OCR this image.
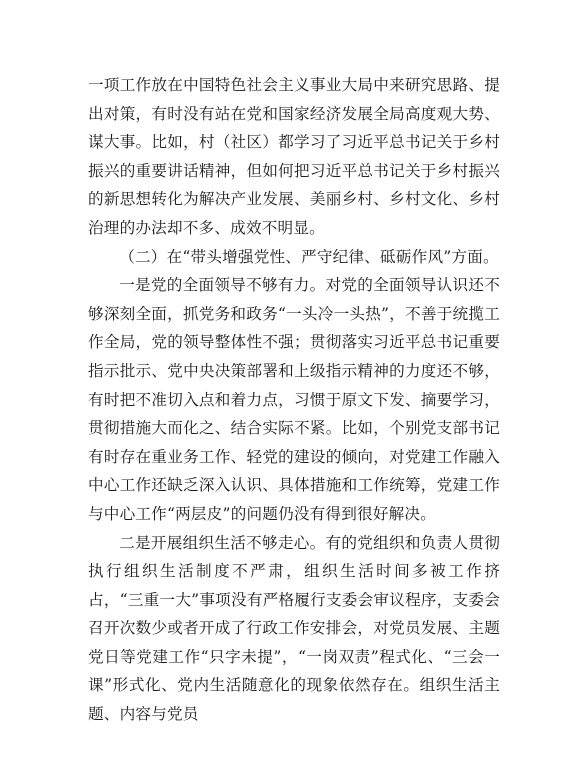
一项工作放在中国特色社会主义事业大局中来研究思路、提出对策，有时没有站在党和国家经济发展全局高度观大势、谋大事。比如，村（社区）都学习了习近平总书记关于乡村振兴的重要讲话精神，但如何把习近平总书记关于乡村振兴的新思想转化为解决产业发展、美丽乡村、乡村文化、乡村治理的办法却不多、成效不明显。

（二）在“带头增强党性、严守纪律、砥砺作风”方面。

一是党的全面领导不够有力。对党的全面领导认识还不够深刻全面，抓党务和政务“一头冷一头热”，不善于统揽工作全局，党的领导整体性不强；贯彻落实习近平总书记重要指示批示、党中央决策部署和上级指示精神的力度还不够，有时把不准切入点和着力点，习惯于原文下发、摘要学习，贯彻措施大而化之、结合实际不紧。比如，个别党支部书记有时存在重业务工作、轻党的建设的倾向，对党建工作融入中心工作还缺乏深入认识、具体措施和工作统筹，党建工作与中心工作“两层皮”的问题仍没有得到很好解决。

二是开展组织生活不够走心。有的党组织和负责人贯彻执行组织生活制度不严肃，组织生活时间多被工作挤占，“三重一大”事项没有严格履行支委会审议程序，支委会召开次数少或者开成了行政工作安排会，对党员发展、主题党日等党建工作“只字未提”，“一岗双责”程式化、“三会一课”形式化、党内生活随意化的现象依然存在。组织生活主题、内容与党员
